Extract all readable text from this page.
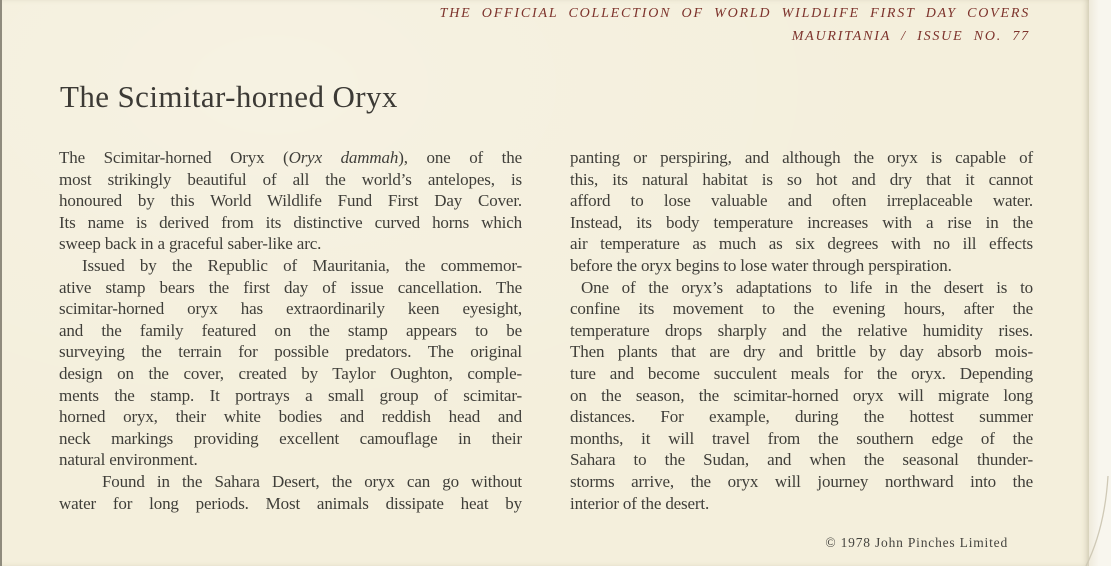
THE OFFICIAL COLLECTION OF WORLD WILDLIFE FIRST DAY COVERS
MAURITANIA / ISSUE NO. 77
The Scimitar-horned Oryx
The Scimitar-horned Oryx (Oryx dammah), one of the
most strikingly beautiful of all the world’s antelopes, is
honoured by this World Wildlife Fund First Day Cover.
Its name is derived from its distinctive curved horns which
sweep back in a graceful saber-like arc.
Issued by the Republic of Mauritania, the commemor-
ative stamp bears the first day of issue cancellation. The
scimitar-horned oryx has extraordinarily keen eyesight,
and the family featured on the stamp appears to be
surveying the terrain for possible predators. The original
design on the cover, created by Taylor Oughton, comple-
ments the stamp. It portrays a small group of scimitar-
horned oryx, their white bodies and reddish head and
neck markings providing excellent camouflage in their
natural environment.
Found in the Sahara Desert, the oryx can go without
water for long periods. Most animals dissipate heat by
panting or perspiring, and although the oryx is capable of
this, its natural habitat is so hot and dry that it cannot
afford to lose valuable and often irreplaceable water.
Instead, its body temperature increases with a rise in the
air temperature as much as six degrees with no ill effects
before the oryx begins to lose water through perspiration.
One of the oryx’s adaptations to life in the desert is to
confine its movement to the evening hours, after the
temperature drops sharply and the relative humidity rises.
Then plants that are dry and brittle by day absorb mois-
ture and become succulent meals for the oryx. Depending
on the season, the scimitar-horned oryx will migrate long
distances. For example, during the hottest summer
months, it will travel from the southern edge of the
Sahara to the Sudan, and when the seasonal thunder-
storms arrive, the oryx will journey northward into the
interior of the desert.
© 1978 John Pinches Limited
